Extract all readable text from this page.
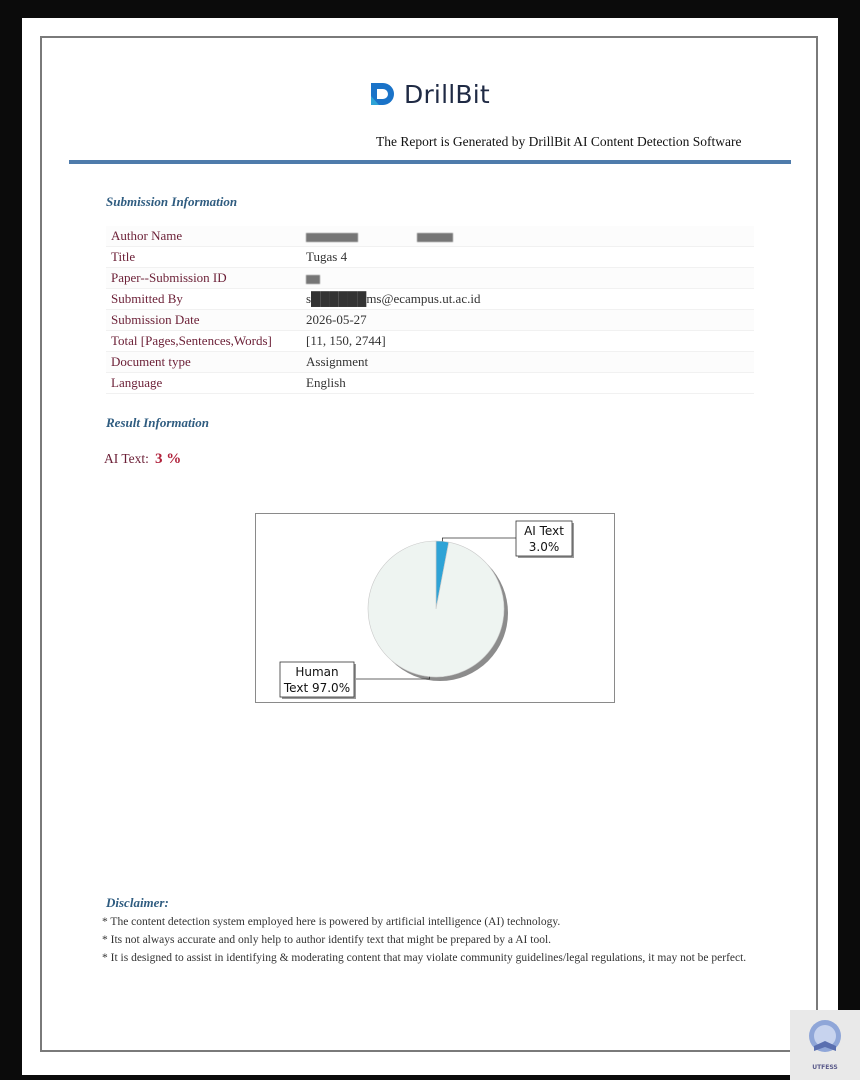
DrillBit
The Report is Generated by DrillBit AI Content Detection Software
Submission Information
Author Name	
Title	Tugas 4
Paper--Submission ID	
Submitted By	s██████ms@ecampus.ut.ac.id
Submission Date	2026-05-27
Total [Pages,Sentences,Words]	[11, 150, 2744]
Document type	Assignment
Language	English
Result Information
AI Text: 3 %
AI Text
3.0%
Human
Text 97.0%
Disclaimer:
* The content detection system employed here is powered by artificial intelligence (AI) technology.
* Its not always accurate and only help to author identify text that might be prepared by a AI tool.
* It is designed to assist in identifying & moderating content that may violate community guidelines/legal regulations, it may not be perfect.
UTFESS
